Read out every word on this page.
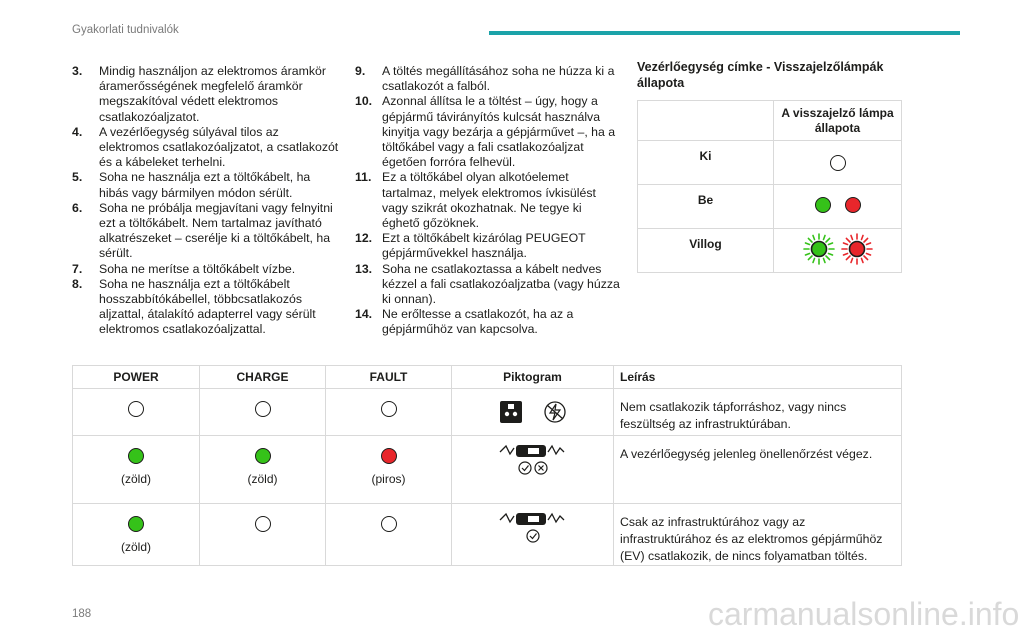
Gyakorlati tudnivalók
3.	Mindig használjon az elektromos áramkör áramerősségének megfelelő áramkör megszakítóval védett elektromos csatlakozóaljzatot.
4.	A vezérlőegység súlyával tilos az elektromos csatlakozóaljzatot, a csatlakozót és a kábeleket terhelni.
5.	Soha ne használja ezt a töltőkábelt, ha hibás vagy bármilyen módon sérült.
6.	Soha ne próbálja megjavítani vagy felnyitni ezt a töltőkábelt. Nem tartalmaz javítható alkatrészeket – cserélje ki a töltőkábelt, ha sérült.
7.	Soha ne merítse a töltőkábelt vízbe.
8.	Soha ne használja ezt a töltőkábelt hosszabbítókábellel, többcsatlakozós aljzattal, átalakító adapterrel vagy sérült elektromos csatlakozóaljzattal.
9.	A töltés megállításához soha ne húzza ki a csatlakozót a falból.
10. Azonnal állítsa le a töltést – úgy, hogy a gépjármű távirányítós kulcsát használva kinyitja vagy bezárja a gépjárművet –, ha a töltőkábel vagy a fali csatlakozóaljzat égetően forróra felhevül.
11. Ez a töltőkábel olyan alkotóelemet tartalmaz, melyek elektromos ívkisülést vagy szikrát okozhatnak. Ne tegye ki éghető gőzöknek.
12. Ezt a töltőkábelt kizárólag PEUGEOT gépjárművekkel használja.
13. Soha ne csatlakoztassa a kábelt nedves kézzel a fali csatlakozóaljzatba (vagy húzza ki onnan).
14. Ne erőltesse a csatlakozót, ha az a gépjárműhöz van kapcsolva.
Vezérlőegység címke - Visszajelzőlámpák állapota
	A visszajelző lámpa állapota
Ki	
Be	

Villog	
POWER	CHARGE	FAULT	Piktogram	Leírás
				Nem csatlakozik tápforráshoz, vagy nincs feszültség az infrastruktúrában.

(zöld)	(zöld)	(piros)		A vezérlőegység jelenleg önellenőrzést végez.

(zöld)				Csak az infrastruktúrához vagy az infrastruktúrához és az elektromos gépjárműhöz (EV) csatlakozik, de nincs folyamatban töltés.
188	carmanualsonline.info
